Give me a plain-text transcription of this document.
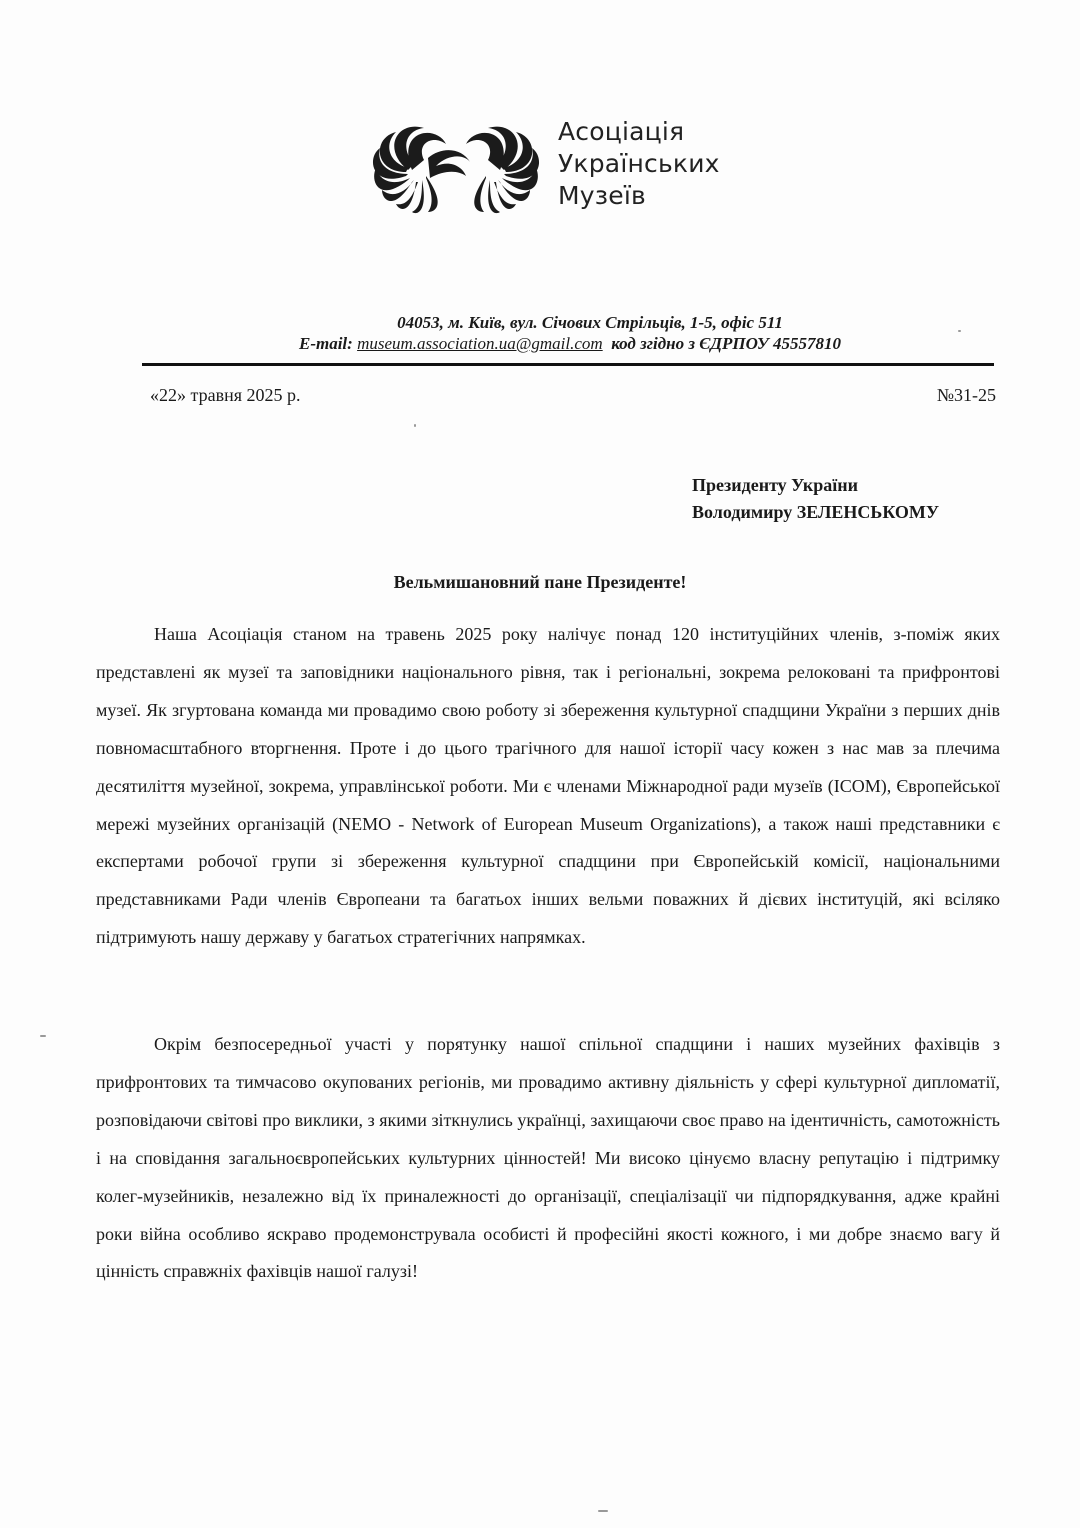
Асоціація
Українських
Музеїв
04053, м. Київ, вул. Січових Стрільців, 1-5, офіс 511
E-mail: museum.association.ua@gmail.com код згідно з ЄДРПОУ 45557810
«22» травня 2025 р.	№31-25
Президенту України
Володимиру ЗЕЛЕНСЬКОМУ
Вельмишановний пане Президенте!

Наша Асоціація станом на травень 2025 року налічує понад 120 інституційних членів, з-поміж яких представлені як музеї та заповідники національного рівня, так і регіональні, зокрема релоковані та прифронтові музеї. Як згуртована команда ми провадимо свою роботу зі збереження культурної спадщини України з перших днів повномасштабного вторгнення. Проте і до цього трагічного для нашої історії часу кожен з нас мав за плечима десятиліття музейної, зокрема, управлінської роботи. Ми є членами Міжнародної ради музеїв (ICOM), Європейської мережі музейних організацій (NEMO - Network of European Museum Organizations), а також наші представники є експертами робочої групи зі збереження культурної спадщини при Європейській комісії, національними представниками Ради членів Європеани та багатьох інших вельми поважних й дієвих інституцій, які всіляко підтримують нашу державу у багатьох стратегічних напрямках.

Окрім безпосередньої участі у порятунку нашої спільної спадщини і наших музейних фахівців з прифронтових та тимчасово окупованих регіонів, ми провадимо активну діяльність у сфері культурної дипломатії, розповідаючи світові про виклики, з якими зіткнулись українці, захищаючи своє право на ідентичність, самотожність і на сповідання загальноєвропейських культурних цінностей! Ми високо цінуємо власну репутацію і підтримку колег-музейників, незалежно від їх приналежності до організації, спеціалізації чи підпорядкування, адже крайні роки війна особливо яскраво продемонструвала особисті й професійні якості кожного, і ми добре знаємо вагу й цінність справжніх фахівців нашої галузі!
